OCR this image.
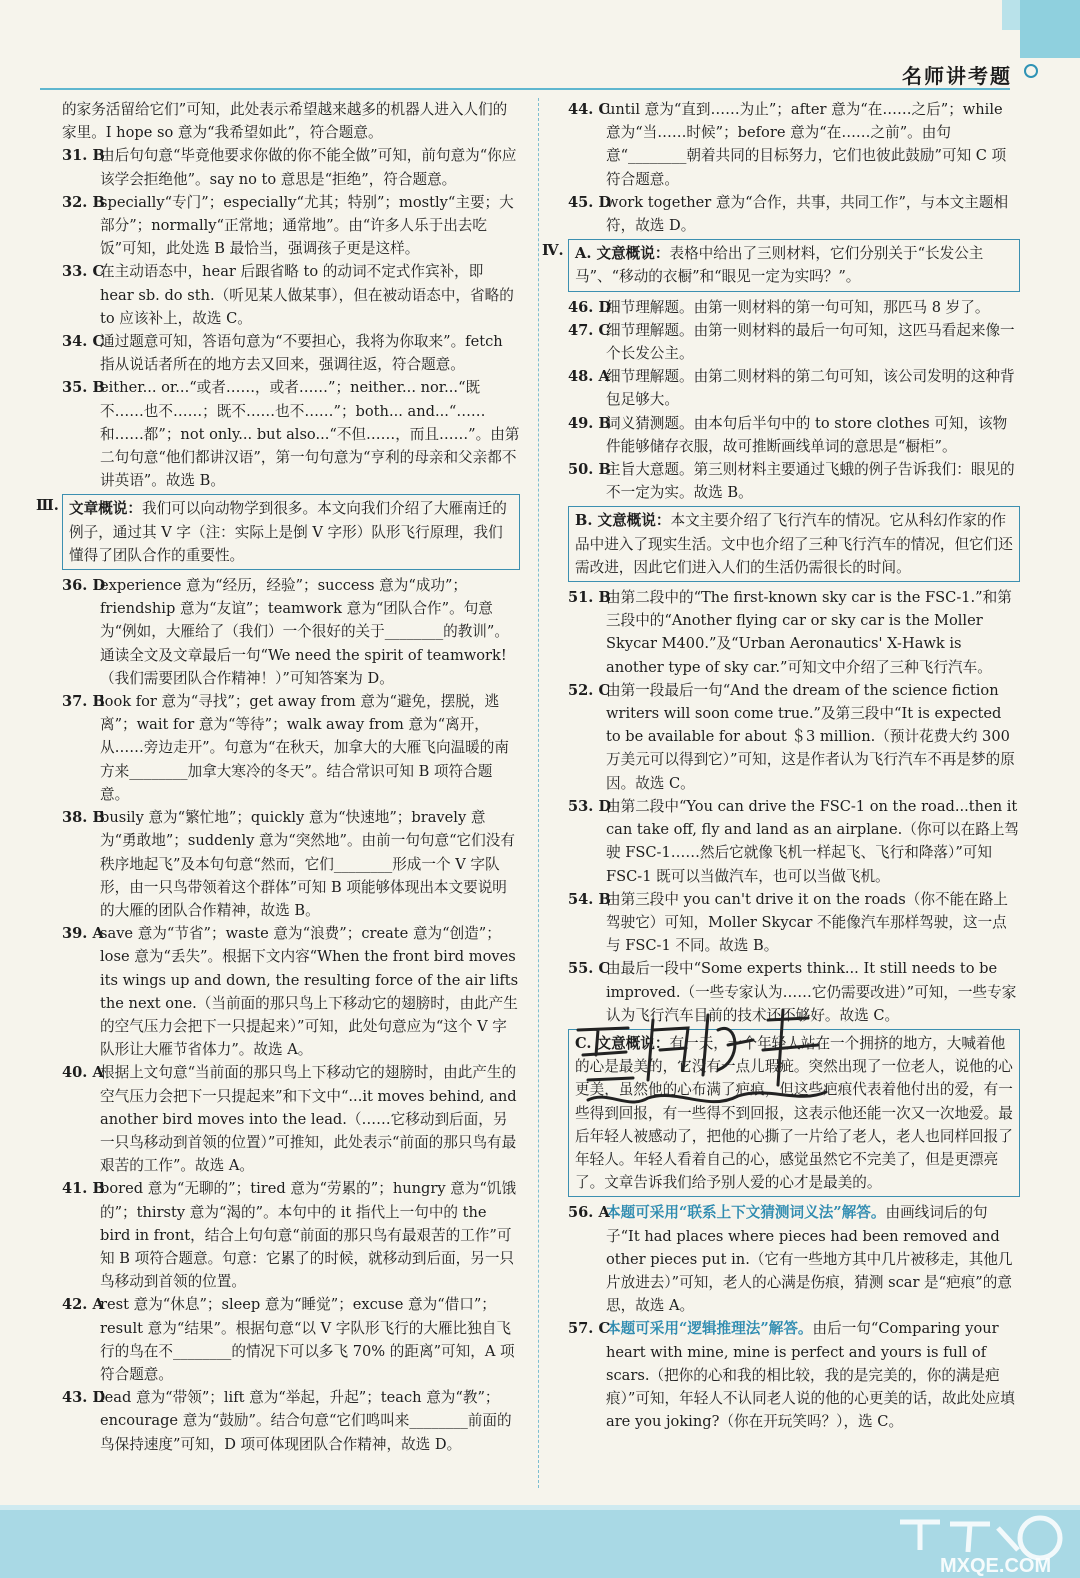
名师讲考题

的家务活留给它们”可知，此处表示希望越来越多的机器人进入人们的家里。I hope so 意为“我希望如此”，符合题意。

31. B
由后句句意“毕竟他要求你做的你不能全做”可知，前句意为“你应该学会拒绝他”。say no to 意思是“拒绝”，符合题意。

32. B
specially“专门”；especially“尤其；特别”；mostly“主要；大部分”；normally“正常地；通常地”。由“许多人乐于出去吃饭”可知，此处选 B 最恰当，强调孩子更是这样。

33. C
在主动语态中，hear 后跟省略 to 的动词不定式作宾补，即 hear sb. do sth.（听见某人做某事），但在被动语态中，省略的 to 应该补上，故选 C。

34. C
通过题意可知，答语句意为“不要担心，我将为你取来”。fetch 指从说话者所在的地方去又回来，强调往返，符合题意。

35. B
either... or...“或者……，或者……”；neither... nor...“既不……也不……；既不……也不……”；both... and...“……和……都”；not only... but also...“不但……，而且……”。由第二句句意“他们都讲汉语”，第一句句意为“亨利的母亲和父亲都不讲英语”。故选 B。

Ⅲ. 文章概说：我们可以向动物学到很多。本文向我们介绍了大雁南迁的例子，通过其 V 字（注：实际上是倒 V 字形）队形飞行原理，我们懂得了团队合作的重要性。

36. D
experience 意为“经历，经验”；success 意为“成功”；friendship 意为“友谊”；teamwork 意为“团队合作”。句意为“例如，大雁给了（我们）一个很好的关于________的教训”。通读全文及文章最后一句“We need the spirit of teamwork!（我们需要团队合作精神！）”可知答案为 D。

37. B
look for 意为“寻找”；get away from 意为“避免，摆脱，逃离”；wait for 意为“等待”；walk away from 意为“离开，从……旁边走开”。句意为“在秋天，加拿大的大雁飞向温暖的南方来________加拿大寒冷的冬天”。结合常识可知 B 项符合题意。

38. B
busily 意为“繁忙地”；quickly 意为“快速地”；bravely 意为“勇敢地”；suddenly 意为“突然地”。由前一句句意“它们没有秩序地起飞”及本句句意“然而，它们________形成一个 V 字队形，由一只鸟带领着这个群体”可知 B 项能够体现出本文要说明的大雁的团队合作精神，故选 B。

39. A
save 意为“节省”；waste 意为“浪费”；create 意为“创造”；lose 意为“丢失”。根据下文内容“When the front bird moves its wings up and down, the resulting force of the air lifts the next one.（当前面的那只鸟上下移动它的翅膀时，由此产生的空气压力会把下一只提起来）”可知，此处句意应为“这个 V 字队形让大雁节省体力”。故选 A。

40. A
根据上文句意“当前面的那只鸟上下移动它的翅膀时，由此产生的空气压力会把下一只提起来”和下文中“...it moves behind, and another bird moves into the lead.（……它移动到后面，另一只鸟移动到首领的位置）”可推知，此处表示“前面的那只鸟有最艰苦的工作”。故选 A。

41. B
bored 意为“无聊的”；tired 意为“劳累的”；hungry 意为“饥饿的”；thirsty 意为“渴的”。本句中的 it 指代上一句中的 the bird in front，结合上句句意“前面的那只鸟有最艰苦的工作”可知 B 项符合题意。句意：它累了的时候，就移动到后面，另一只鸟移动到首领的位置。

42. A
rest 意为“休息”；sleep 意为“睡觉”；excuse 意为“借口”；result 意为“结果”。根据句意“以 V 字队形飞行的大雁比独自飞行的鸟在不________的情况下可以多飞 70% 的距离”可知，A 项符合题意。

43. D
lead 意为“带领”；lift 意为“举起，升起”；teach 意为“教”；encourage 意为“鼓励”。结合句意“它们鸣叫来________前面的鸟保持速度”可知，D 项可体现团队合作精神，故选 D。

44. C
until 意为“直到……为止”；after 意为“在……之后”；while 意为“当……时候”；before 意为“在……之前”。由句意“________朝着共同的目标努力，它们也彼此鼓励”可知 C 项符合题意。

45. D
work together 意为“合作，共事，共同工作”，与本文主题相符，故选 D。

Ⅳ. A. 文意概说：表格中给出了三则材料，它们分别关于“长发公主马”、“移动的衣橱”和“眼见一定为实吗？”。

46. D
细节理解题。由第一则材料的第一句可知，那匹马 8 岁了。

47. C
细节理解题。由第一则材料的最后一句可知，这匹马看起来像一个长发公主。

48. A
细节理解题。由第二则材料的第二句可知，该公司发明的这种背包足够大。

49. B
词义猜测题。由本句后半句中的 to store clothes 可知，该物件能够储存衣服，故可推断画线单词的意思是“橱柜”。

50. B
主旨大意题。第三则材料主要通过飞蛾的例子告诉我们：眼见的不一定为实。故选 B。

B. 文意概说：本文主要介绍了飞行汽车的情况。它从科幻作家的作品中进入了现实生活。文中也介绍了三种飞行汽车的情况，但它们还需改进，因此它们进入人们的生活仍需很长的时间。

51. B
由第二段中的“The first-known sky car is the FSC-1.”和第三段中的“Another flying car or sky car is the Moller Skycar M400.”及“Urban Aeronautics' X-Hawk is another type of sky car.”可知文中介绍了三种飞行汽车。

52. C
由第一段最后一句“And the dream of the science fiction writers will soon come true.”及第三段中“It is expected to be available for about ＄3 million.（预计花费大约 300 万美元可以得到它）”可知，这是作者认为飞行汽车不再是梦的原因。故选 C。

53. D
由第二段中“You can drive the FSC-1 on the road...then it can take off, fly and land as an airplane.（你可以在路上驾驶 FSC-1……然后它就像飞机一样起飞、飞行和降落）”可知 FSC-1 既可以当做汽车，也可以当做飞机。

54. B
由第三段中 you can't drive it on the roads（你不能在路上驾驶它）可知，Moller Skycar 不能像汽车那样驾驶，这一点与 FSC-1 不同。故选 B。

55. C
由最后一段中“Some experts think... It still needs to be improved.（一些专家认为……它仍需要改进）”可知，一些专家认为飞行汽车目前的技术还不够好。故选 C。

C. 文意概说：有一天，一个年轻人站在一个拥挤的地方，大喊着他的心是最美的，它没有一点儿瑕疵。突然出现了一位老人，说他的心更美，虽然他的心布满了疤痕，但这些疤痕代表着他付出的爱，有一些得到回报，有一些得不到回报，这表示他还能一次又一次地爱。最后年轻人被感动了，把他的心撕了一片给了老人，老人也同样回报了年轻人。年轻人看着自己的心，感觉虽然它不完美了，但是更漂亮了。文章告诉我们给予别人爱的心才是最美的。

56. A
本题可采用“联系上下文猜测词义法”解答。由画线词后的句子“It had places where pieces had been removed and other pieces put in.（它有一些地方其中几片被移走，其他几片放进去）”可知，老人的心满是伤痕，猜测 scar 是“疤痕”的意思，故选 A。

57. C
本题可采用“逻辑推理法”解答。由后一句“Comparing your heart with mine, mine is perfect and yours is full of scars.（把你的心和我的相比较，我的是完美的，你的满是疤痕）”可知，年轻人不认同老人说的他的心更美的话，故此处应填 are you joking?（你在开玩笑吗？），选 C。

MXQE.COM
